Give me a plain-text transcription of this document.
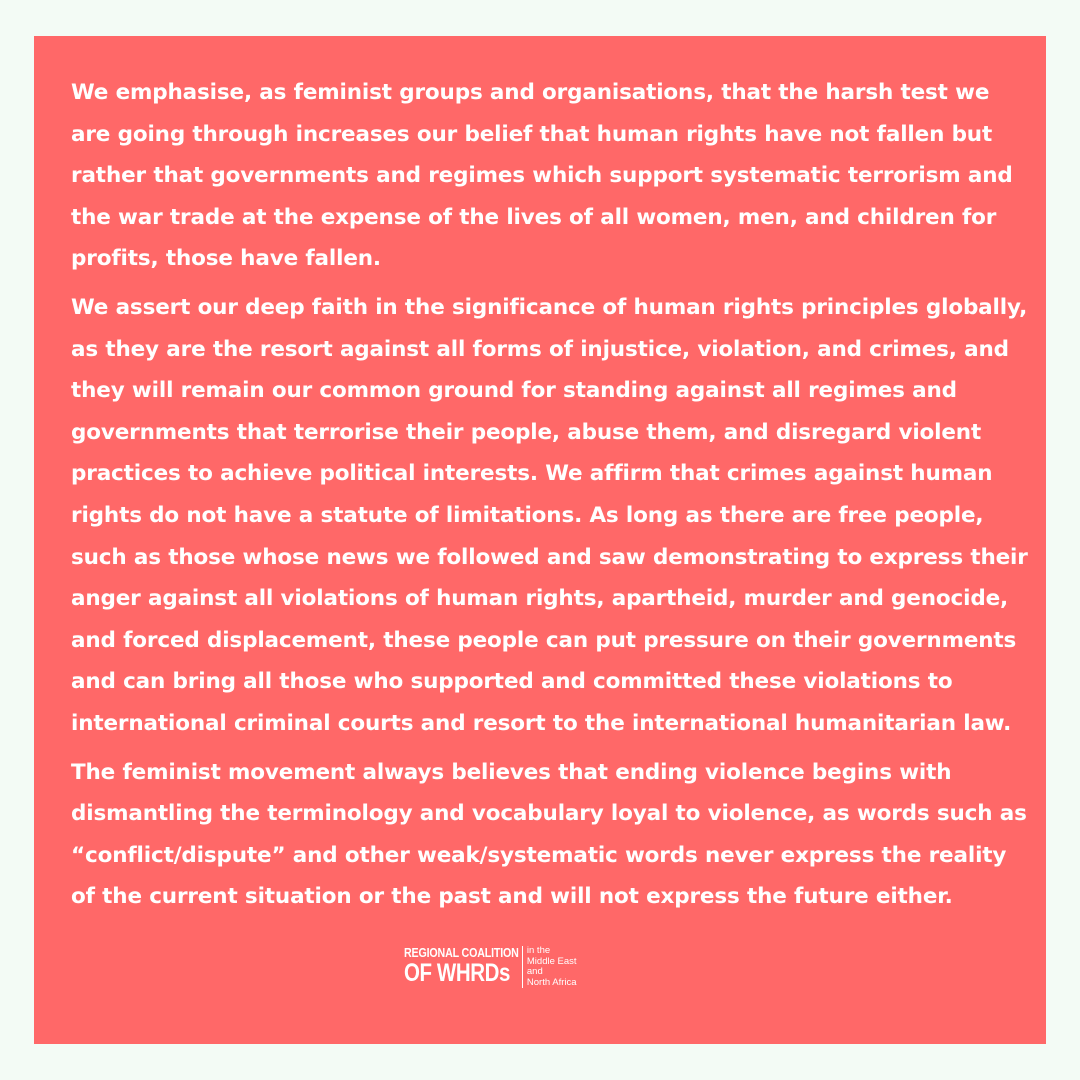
We emphasise, as feminist groups and organisations, that the harsh test we are going through increases our belief that human rights have not fallen but rather that governments and regimes which support systematic terrorism and the war trade at the expense of the lives of all women, men, and children for profits, those have fallen.

We assert our deep faith in the significance of human rights principles globally, as they are the resort against all forms of injustice, violation, and crimes, and they will remain our common ground for standing against all regimes and governments that terrorise their people, abuse them, and disregard violent practices to achieve political interests. We affirm that crimes against human rights do not have a statute of limitations. As long as there are free people, such as those whose news we followed and saw demonstrating to express their anger against all violations of human rights, apartheid, murder and genocide, and forced displacement, these people can put pressure on their governments and can bring all those who supported and committed these violations to international criminal courts and resort to the international humanitarian law.

The feminist movement always believes that ending violence begins with dismantling the terminology and vocabulary loyal to violence, as words such as “conflict/dispute” and other weak/systematic words never express the reality of the current situation or the past and will not express the future either.

REGIONAL COALITION
OF WHRDs
in the
Middle East
and
North Africa
